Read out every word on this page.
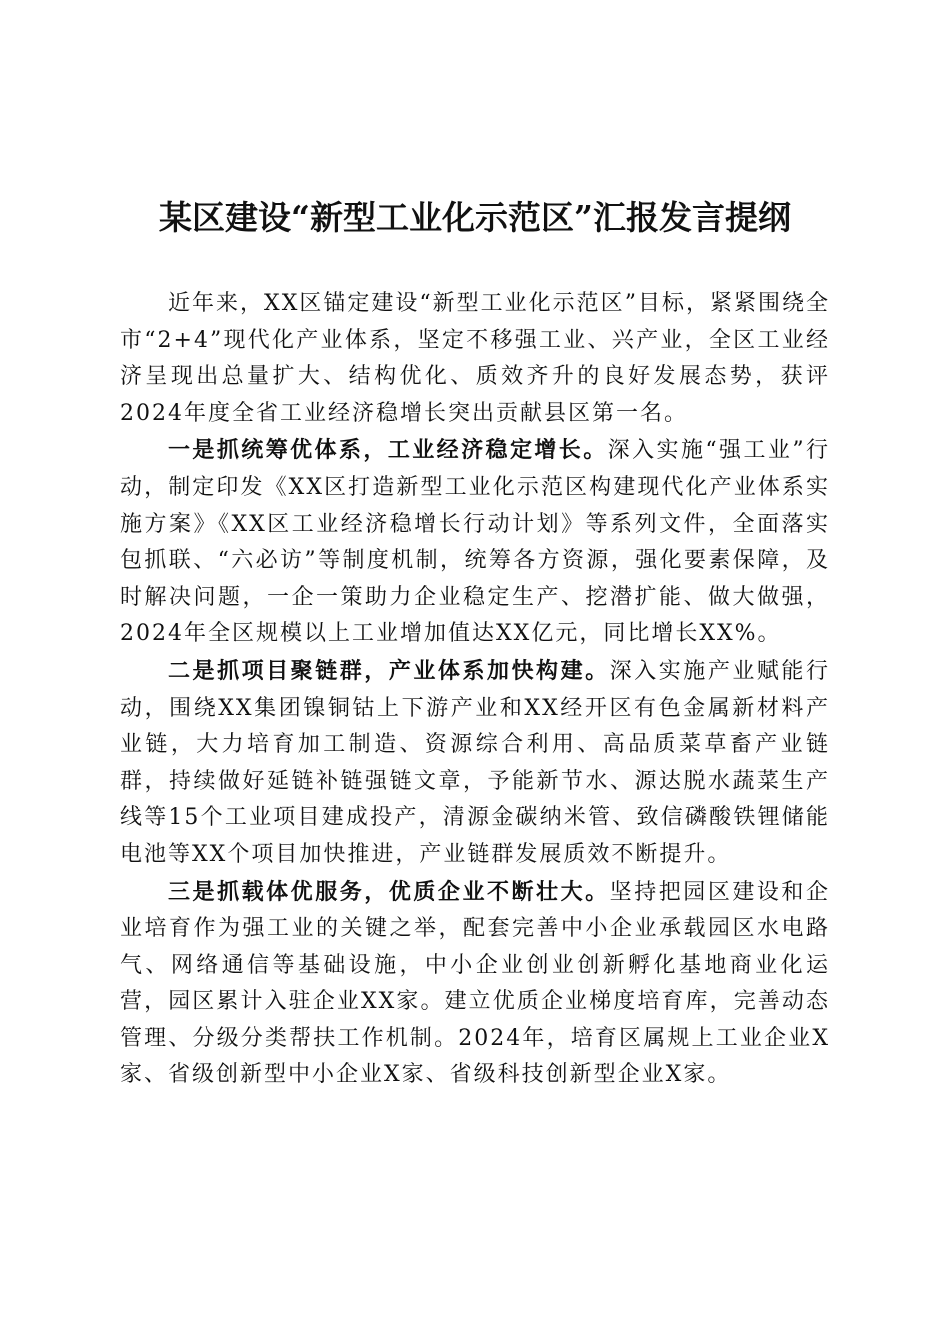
某区建设“新型工业化示范区”汇报发言提纲

近年来，XX区锚定建设“新型工业化示范区”目标，紧紧围绕全市“2+4”现代化产业体系，坚定不移强工业、兴产业，全区工业经济呈现出总量扩大、结构优化、质效齐升的良好发展态势，获评2024年度全省工业经济稳增长突出贡献县区第一名。

一是抓统筹优体系，工业经济稳定增长。深入实施“强工业”行动，制定印发《XX区打造新型工业化示范区构建现代化产业体系实施方案》《XX区工业经济稳增长行动计划》等系列文件，全面落实包抓联、“六必访”等制度机制，统筹各方资源，强化要素保障，及时解决问题，一企一策助力企业稳定生产、挖潜扩能、做大做强，2024年全区规模以上工业增加值达XX亿元，同比增长XX%。

二是抓项目聚链群，产业体系加快构建。深入实施产业赋能行动，围绕XX集团镍铜钴上下游产业和XX经开区有色金属新材料产业链，大力培育加工制造、资源综合利用、高品质菜草畜产业链群，持续做好延链补链强链文章，予能新节水、源达脱水蔬菜生产线等15个工业项目建成投产，清源金碳纳米管、致信磷酸铁锂储能电池等XX个项目加快推进，产业链群发展质效不断提升。

三是抓载体优服务，优质企业不断壮大。坚持把园区建设和企业培育作为强工业的关键之举，配套完善中小企业承载园区水电路气、网络通信等基础设施，中小企业创业创新孵化基地商业化运营，园区累计入驻企业XX家。建立优质企业梯度培育库，完善动态管理、分级分类帮扶工作机制。2024年，培育区属规上工业企业X家、省级创新型中小企业X家、省级科技创新型企业X家。
